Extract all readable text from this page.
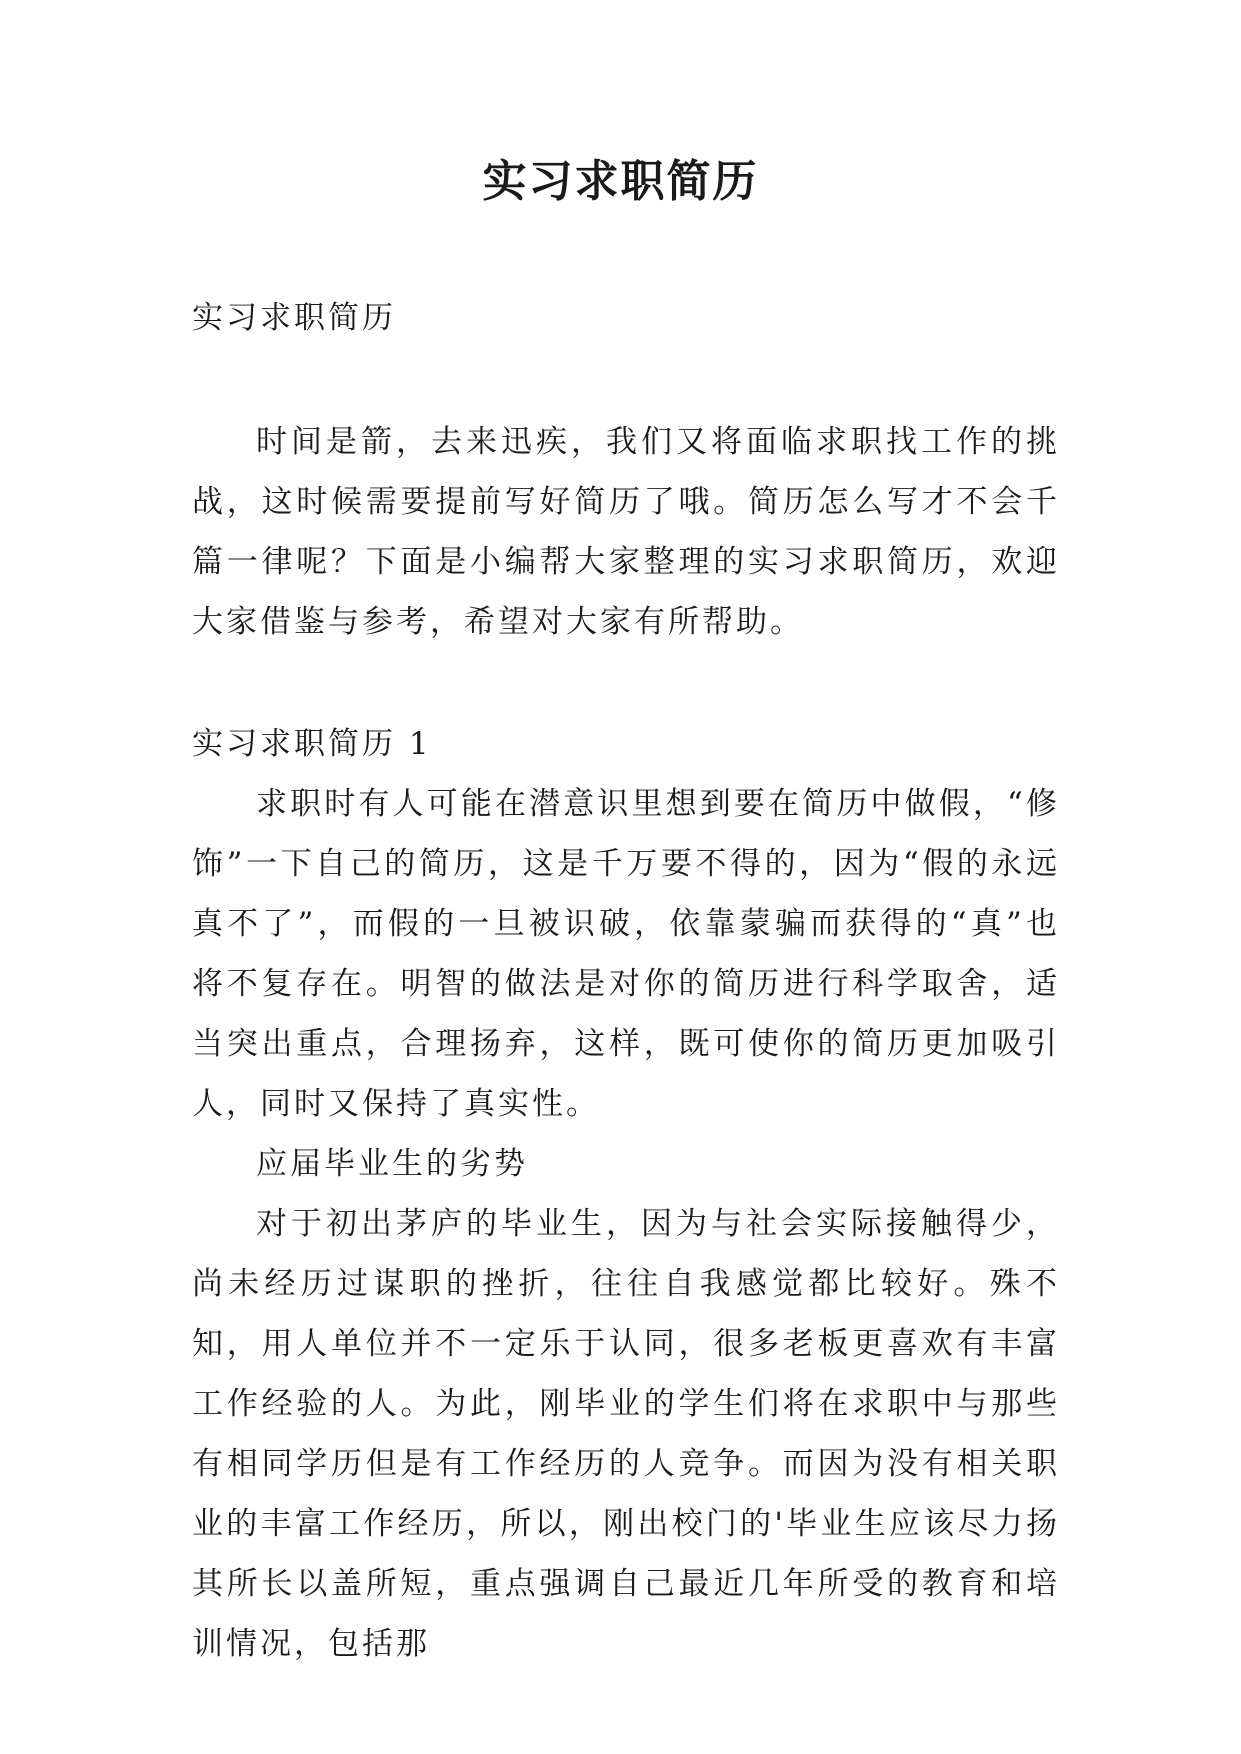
实习求职简历

实习求职简历

时间是箭，去来迅疾，我们又将面临求职找工作的挑战，这时候需要提前写好简历了哦。简历怎么写才不会千篇一律呢？下面是小编帮大家整理的实习求职简历，欢迎大家借鉴与参考，希望对大家有所帮助。

实习求职简历 1

求职时有人可能在潜意识里想到要在简历中做假，“修饰”一下自己的简历，这是千万要不得的，因为“假的永远真不了”，而假的一旦被识破，依靠蒙骗而获得的“真”也将不复存在。明智的做法是对你的简历进行科学取舍，适当突出重点，合理扬弃，这样，既可使你的简历更加吸引人，同时又保持了真实性。

应届毕业生的劣势

对于初出茅庐的毕业生，因为与社会实际接触得少，尚未经历过谋职的挫折，往往自我感觉都比较好。殊不知，用人单位并不一定乐于认同，很多老板更喜欢有丰富工作经验的人。为此，刚毕业的学生们将在求职中与那些有相同学历但是有工作经历的人竞争。而因为没有相关职业的丰富工作经历，所以，刚出校门的'毕业生应该尽力扬其所长以盖所短，重点强调自己最近几年所受的教育和培训情况，包括那
